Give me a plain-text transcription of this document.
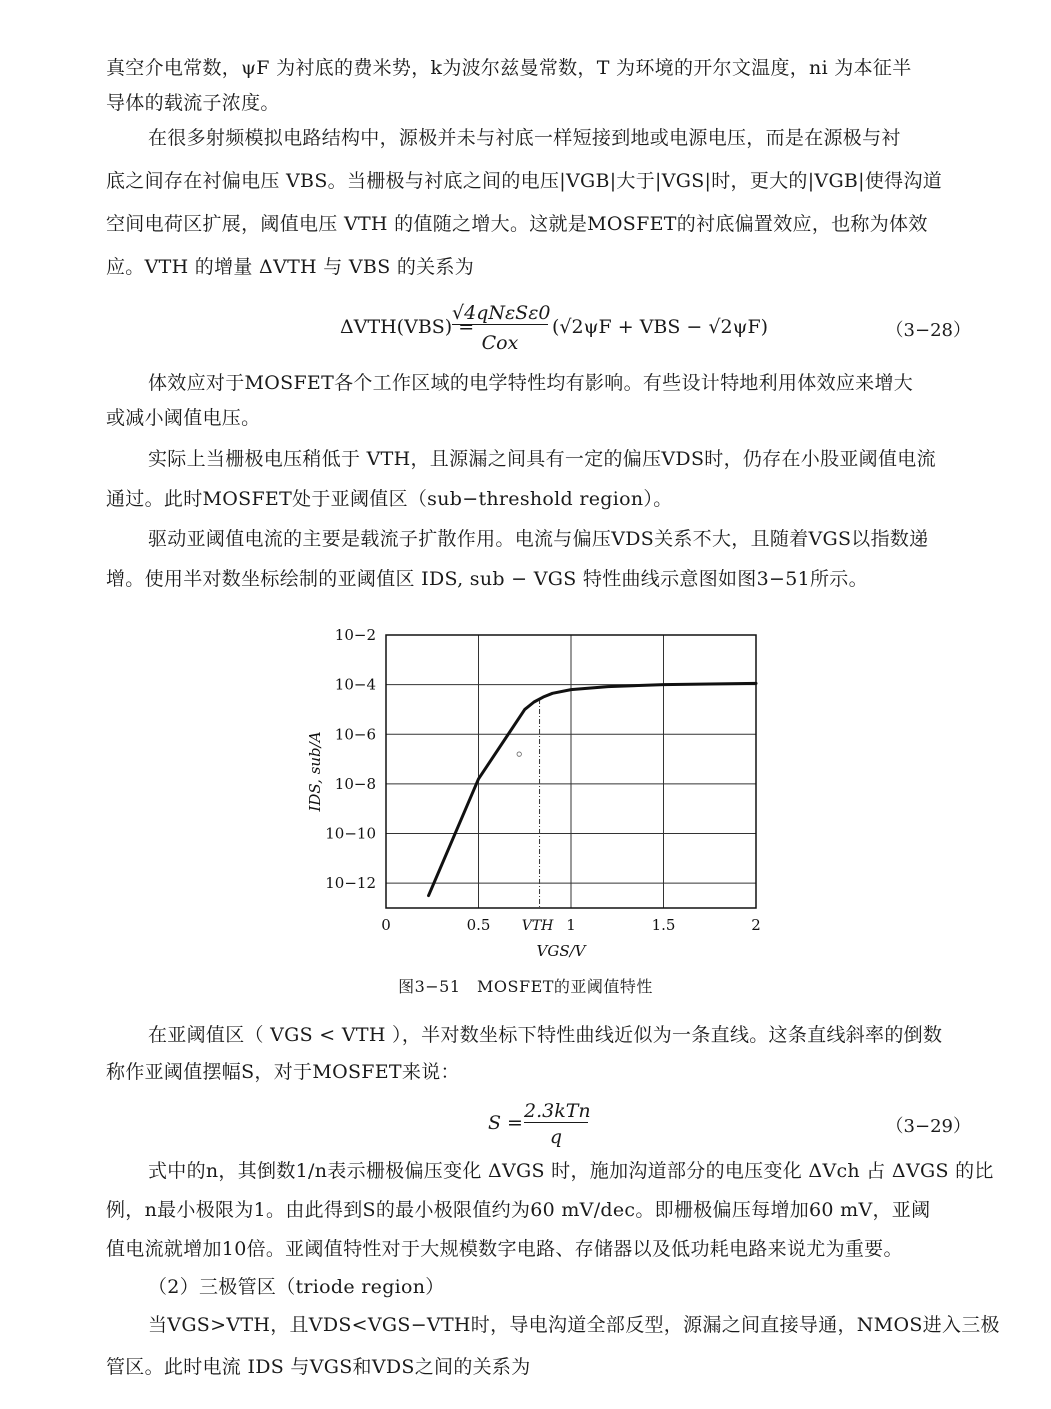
真空介电常数，ψF 为衬底的费米势，k为波尔兹曼常数，T 为环境的开尔文温度，ni 为本征半
导体的载流子浓度。
在很多射频模拟电路结构中，源极并未与衬底一样短接到地或电源电压，而是在源极与衬
底之间存在衬偏电压 VBS。当栅极与衬底之间的电压|VGB|大于|VGS|时，更大的|VGB|使得沟道
空间电荷区扩展，阈值电压 VTH 的值随之增大。这就是MOSFET的衬底偏置效应，也称为体效
应。VTH 的增量 ΔVTH 与 VBS 的关系为
ΔVTH(VBS) =
√4qNεSε0
Cox
(√2ψF + VBS − √2ψF)	（3−28）
体效应对于MOSFET各个工作区域的电学特性均有影响。有些设计特地利用体效应来增大
或减小阈值电压。
实际上当栅极电压稍低于 VTH，且源漏之间具有一定的偏压VDS时，仍存在小股亚阈值电流
通过。此时MOSFET处于亚阈值区（sub−threshold region）。
驱动亚阈值电流的主要是载流子扩散作用。电流与偏压VDS关系不大，且随着VGS以指数递
增。使用半对数坐标绘制的亚阈值区 IDS, sub − VGS 特性曲线示意图如图3−51所示。
10−2
10−4
10−6
10−8
10−10
10−12
0	0.5	1	1.5	2
VTH
VGS/V
IDS, sub/A
图3−51　MOSFET的亚阈值特性
在亚阈值区（ VGS < VTH ），半对数坐标下特性曲线近似为一条直线。这条直线斜率的倒数
称作亚阈值摆幅S，对于MOSFET来说：
S =
2.3kTn
q	（3−29）
式中的n，其倒数1/n表示栅极偏压变化 ΔVGS 时，施加沟道部分的电压变化 ΔVch 占 ΔVGS 的比
例，n最小极限为1。由此得到S的最小极限值约为60 mV/dec。即栅极偏压每增加60 mV，亚阈
值电流就增加10倍。亚阈值特性对于大规模数字电路、存储器以及低功耗电路来说尤为重要。
（2）三极管区（triode region）
当VGS>VTH，且VDS<VGS−VTH时，导电沟道全部反型，源漏之间直接导通，NMOS进入三极
管区。此时电流 IDS 与VGS和VDS之间的关系为
